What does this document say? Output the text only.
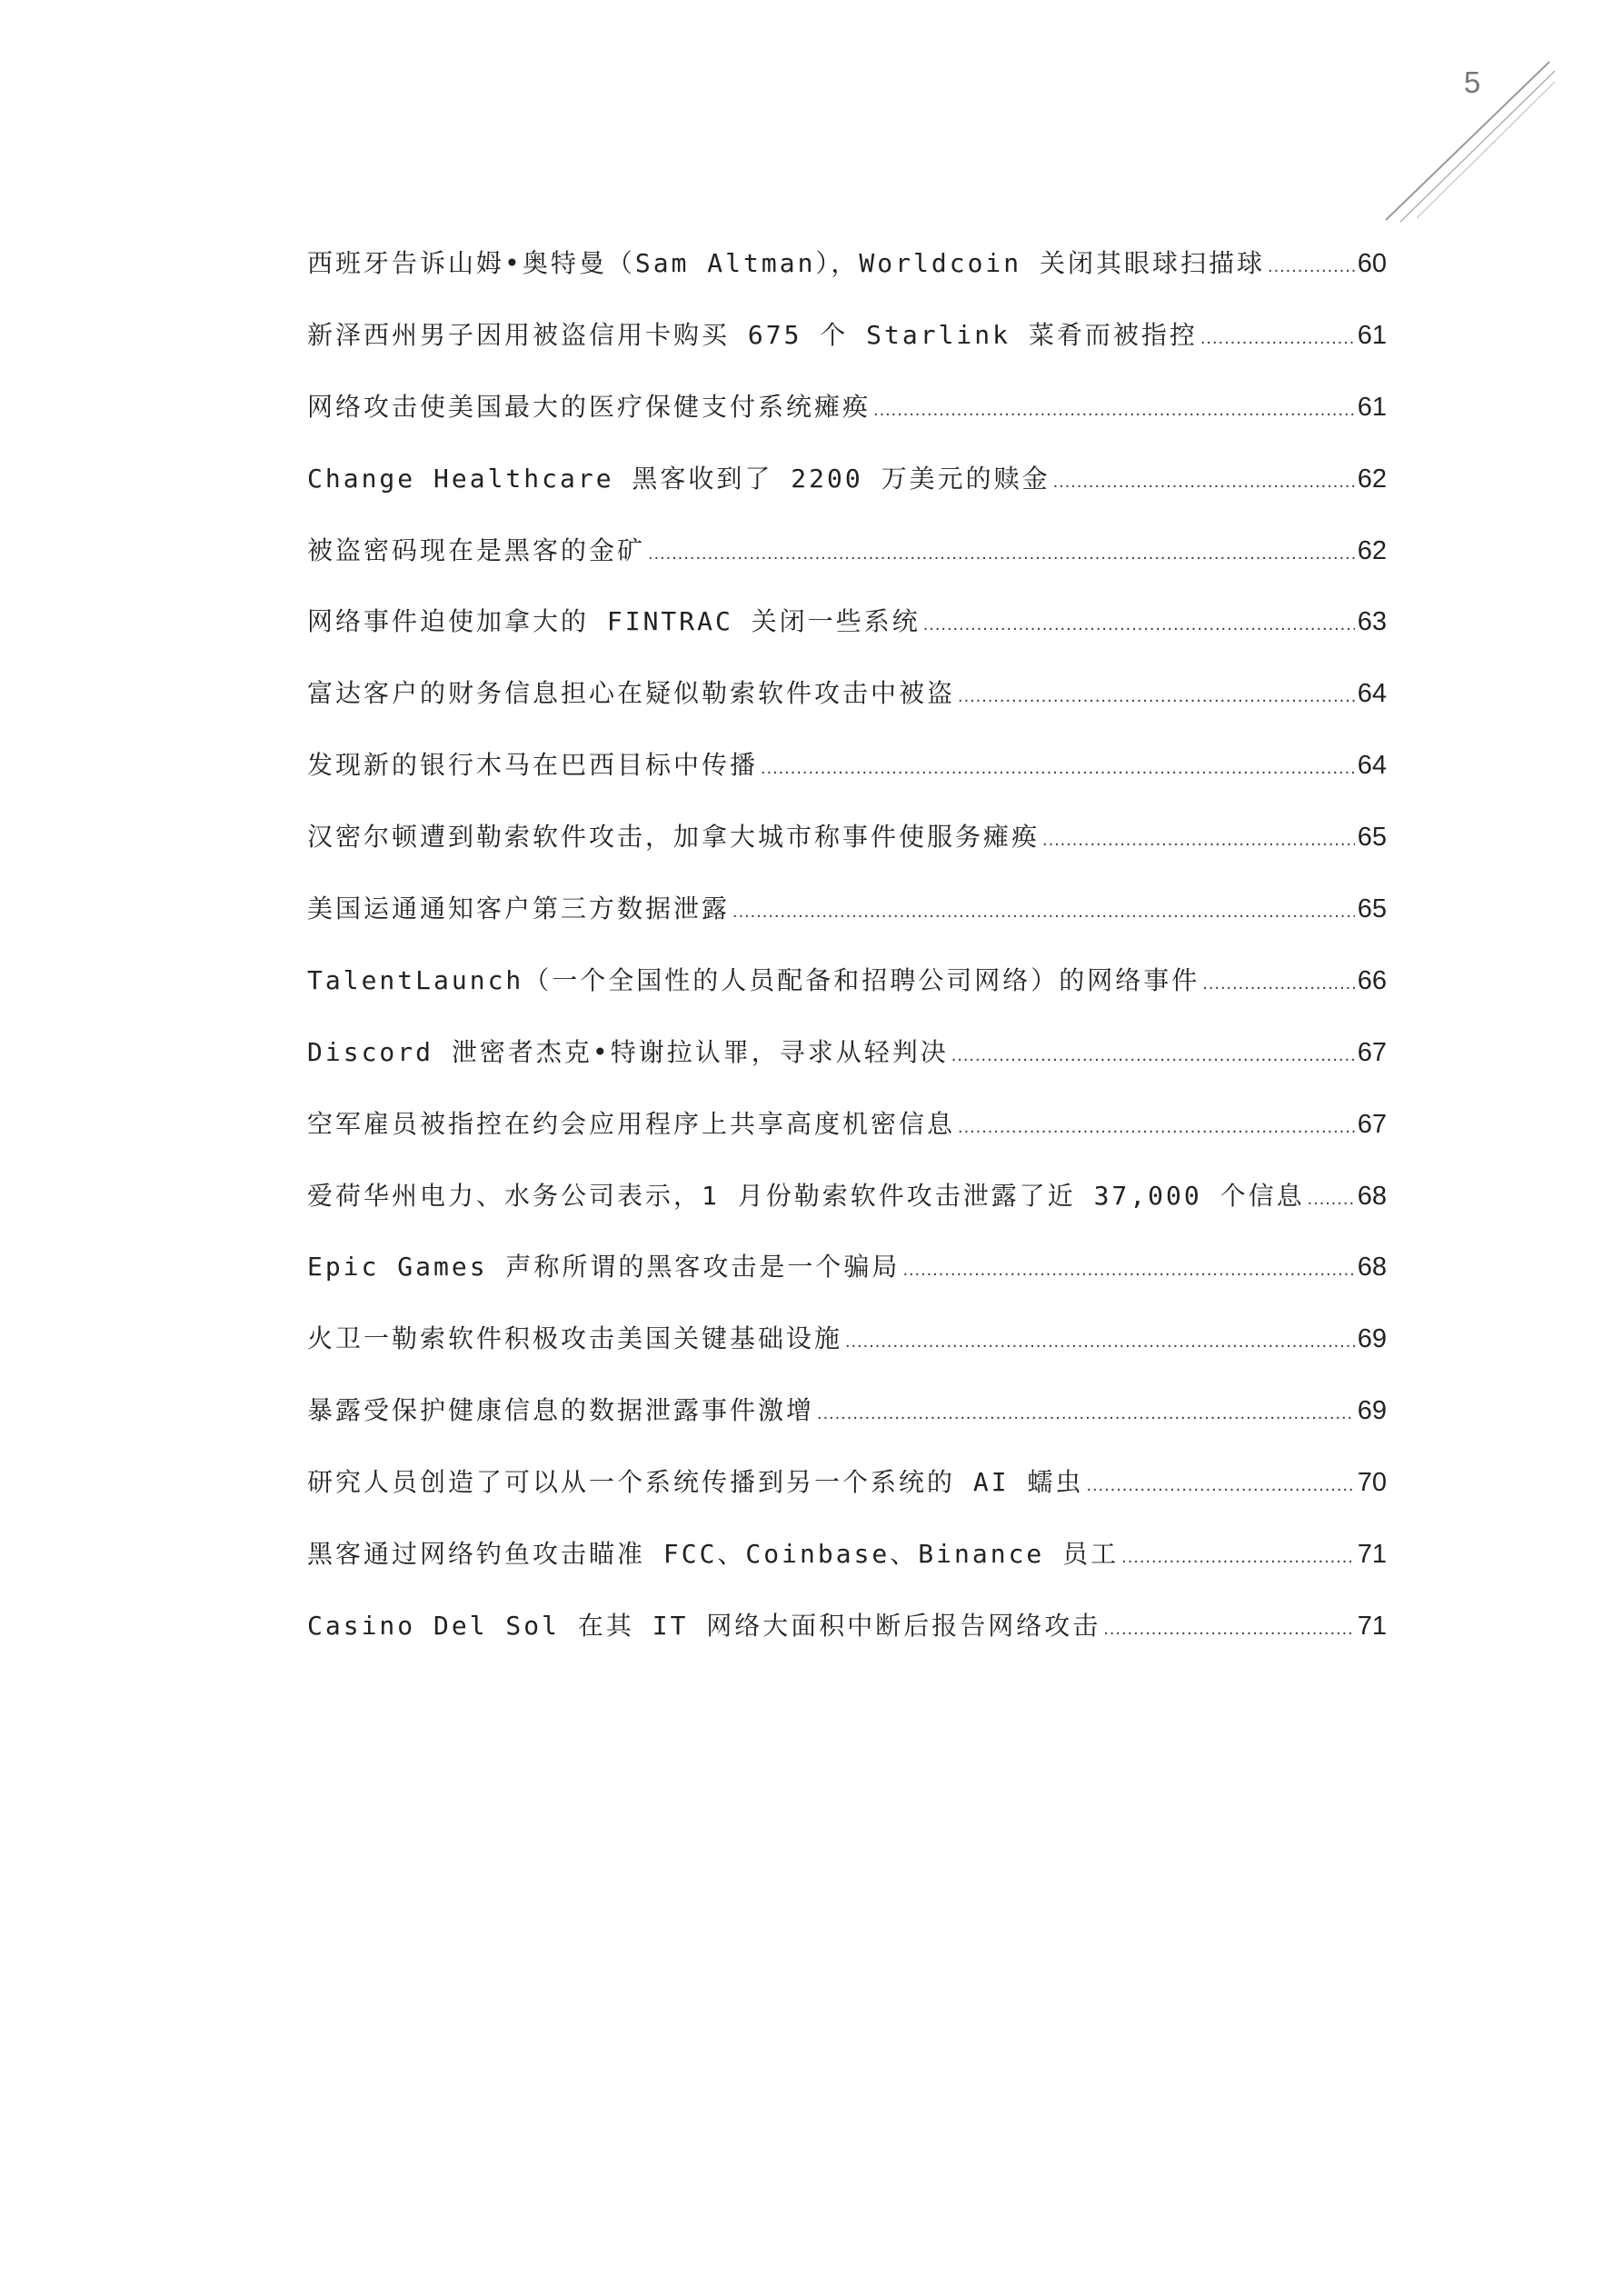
5
西班牙告诉山姆•奥特曼（Sam Altman），Worldcoin 关闭其眼球扫描球 .....	60
新泽西州男子因用被盗信用卡购买 675 个 Starlink 菜肴而被指控 .....	61
网络攻击使美国最大的医疗保健支付系统瘫痪 .....	61
Change Healthcare 黑客收到了 2200 万美元的赎金 .....	62
被盗密码现在是黑客的金矿 .....	62
网络事件迫使加拿大的 FINTRAC 关闭一些系统 .....	63
富达客户的财务信息担心在疑似勒索软件攻击中被盗 .....	64
发现新的银行木马在巴西目标中传播 .....	64
汉密尔顿遭到勒索软件攻击，加拿大城市称事件使服务瘫痪 .....	65
美国运通通知客户第三方数据泄露 .....	65
TalentLaunch（一个全国性的人员配备和招聘公司网络）的网络事件 .....	66
Discord 泄密者杰克•特谢拉认罪，寻求从轻判决 .....	67
空军雇员被指控在约会应用程序上共享高度机密信息 .....	67
爱荷华州电力、水务公司表示，1 月份勒索软件攻击泄露了近 37,000 个信息 ..... 68
Epic Games 声称所谓的黑客攻击是一个骗局 .....	68
火卫一勒索软件积极攻击美国关键基础设施 .....	69
暴露受保护健康信息的数据泄露事件激增 .....	69
研究人员创造了可以从一个系统传播到另一个系统的 AI 蠕虫 .....	70
黑客通过网络钓鱼攻击瞄准 FCC、Coinbase、Binance 员工 .....	71
Casino Del Sol 在其 IT 网络大面积中断后报告网络攻击 .....	71
